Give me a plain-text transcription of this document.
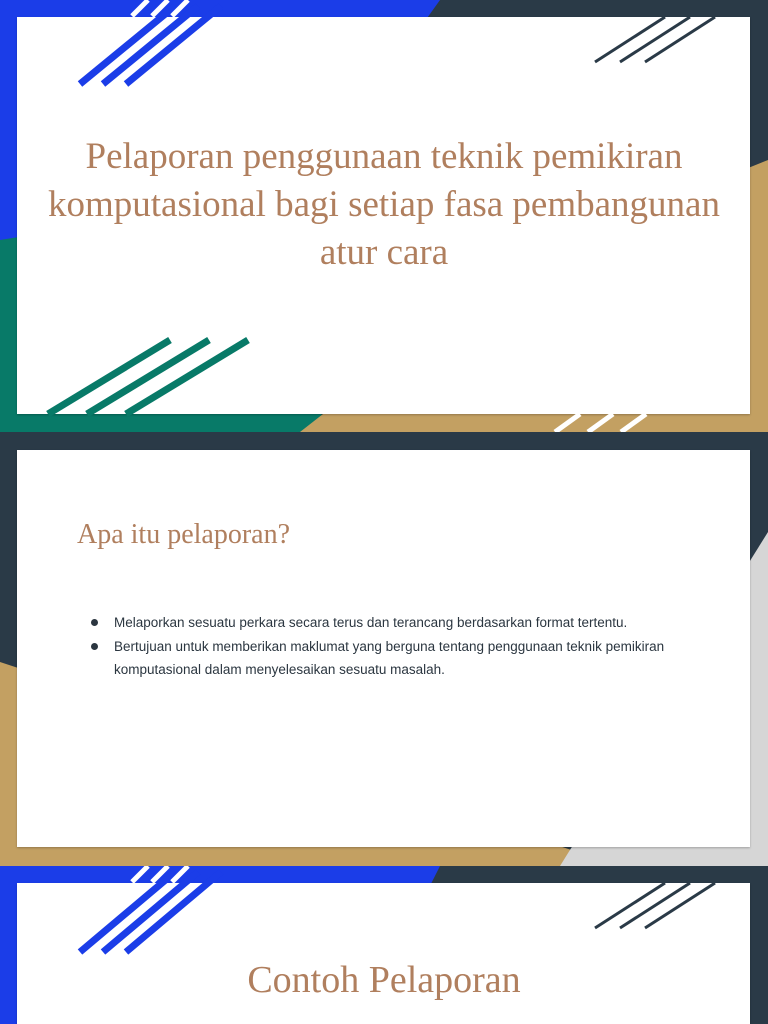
Pelaporan penggunaan teknik pemikiran komputasional bagi setiap fasa pembangunan atur cara
Apa itu pelaporan?
Melaporkan sesuatu perkara secara terus dan terancang berdasarkan format tertentu.
Bertujuan untuk memberikan maklumat yang berguna tentang penggunaan teknik pemikiran komputasional dalam menyelesaikan sesuatu masalah.
Contoh Pelaporan
